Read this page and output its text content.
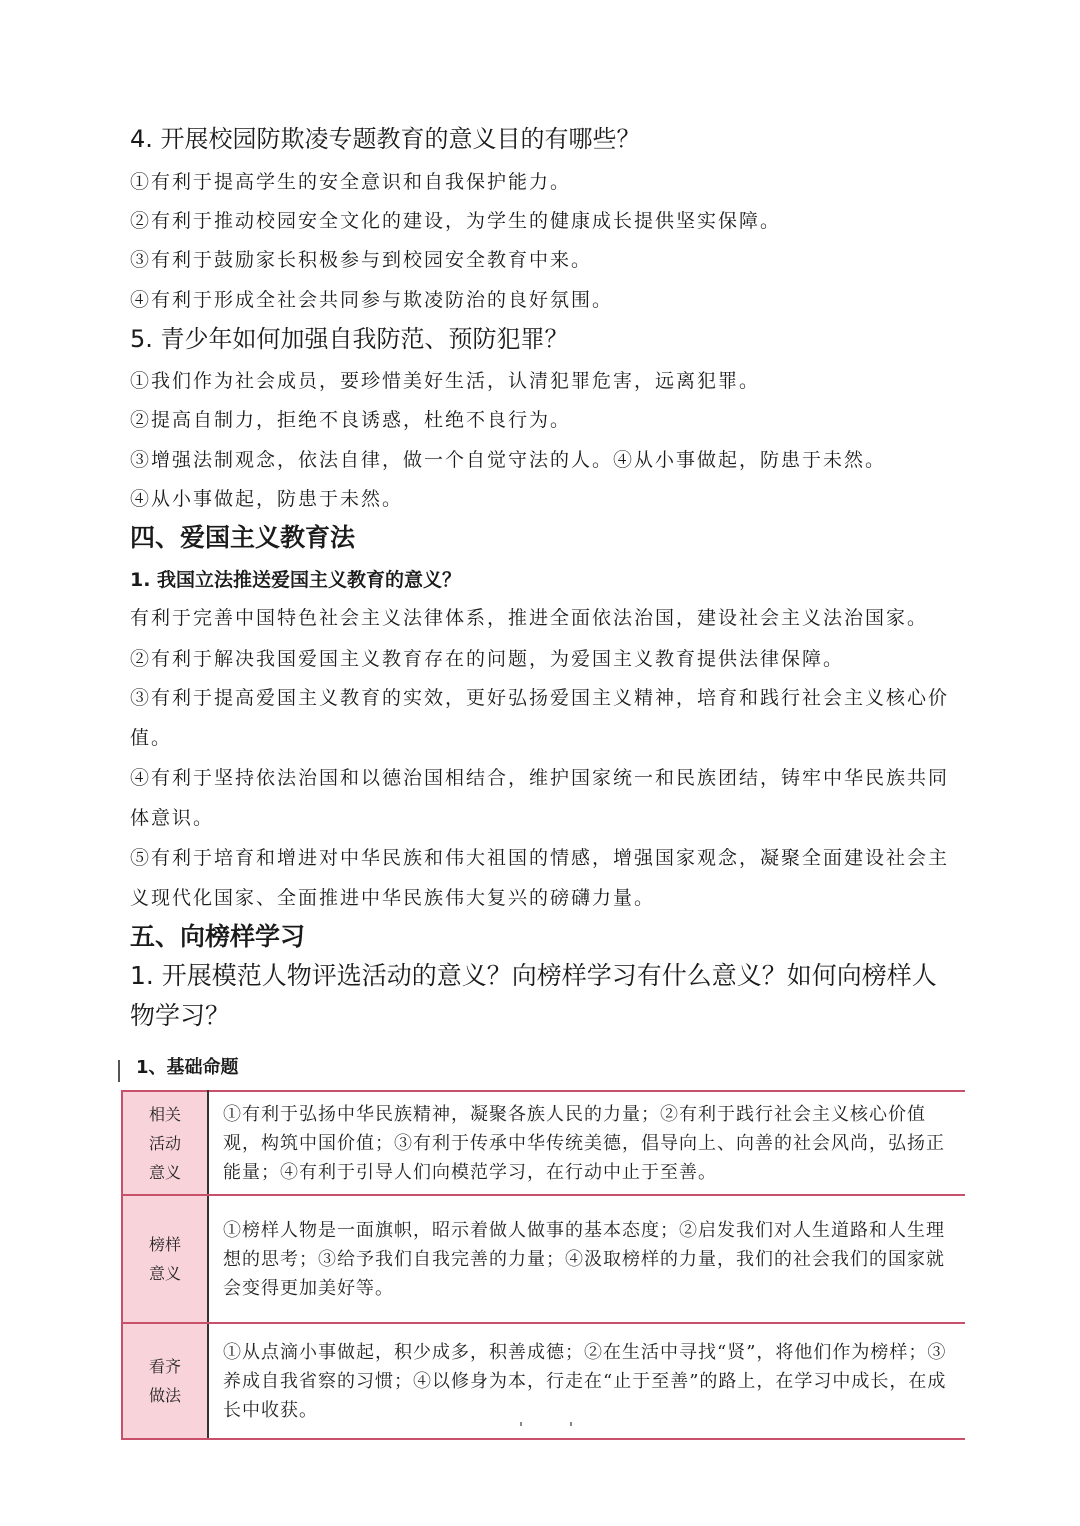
4. 开展校园防欺凌专题教育的意义目的有哪些？
①有利于提高学生的安全意识和自我保护能力。
②有利于推动校园安全文化的建设，为学生的健康成长提供坚实保障。
③有利于鼓励家长积极参与到校园安全教育中来。
④有利于形成全社会共同参与欺凌防治的良好氛围。
5. 青少年如何加强自我防范、预防犯罪？
①我们作为社会成员，要珍惜美好生活，认清犯罪危害，远离犯罪。
②提高自制力，拒绝不良诱惑，杜绝不良行为。
③增强法制观念，依法自律，做一个自觉守法的人。④从小事做起，防患于未然。
④从小事做起，防患于未然。
四、爱国主义教育法
1. 我国立法推送爱国主义教育的意义？
有利于完善中国特色社会主义法律体系，推进全面依法治国，建设社会主义法治国家。
②有利于解决我国爱国主义教育存在的问题，为爱国主义教育提供法律保障。
③有利于提高爱国主义教育的实效，更好弘扬爱国主义精神，培育和践行社会主义核心价值。
④有利于坚持依法治国和以德治国相结合，维护国家统一和民族团结，铸牢中华民族共同体意识。
⑤有利于培育和增进对中华民族和伟大祖国的情感，增强国家观念，凝聚全面建设社会主义现代化国家、全面推进中华民族伟大复兴的磅礴力量。
五、向榜样学习
1. 开展模范人物评选活动的意义？向榜样学习有什么意义？如何向榜样人物学习？
1、基础命题
相关活动意义	①有利于弘扬中华民族精神，凝聚各族人民的力量；②有利于践行社会主义核心价值观，构筑中国价值；③有利于传承中华传统美德，倡导向上、向善的社会风尚，弘扬正能量；④有利于引导人们向模范学习，在行动中止于至善。
榜样意义	①榜样人物是一面旗帜，昭示着做人做事的基本态度；②启发我们对人生道路和人生理想的思考；③给予我们自我完善的力量；④汲取榜样的力量，我们的社会我们的国家就会变得更加美好等。
看齐做法	①从点滴小事做起，积少成多，积善成德；②在生活中寻找“贤”，将他们作为榜样；③养成自我省察的习惯；④以修身为本，行走在“止于至善”的路上，在学习中成长，在成长中收获。
